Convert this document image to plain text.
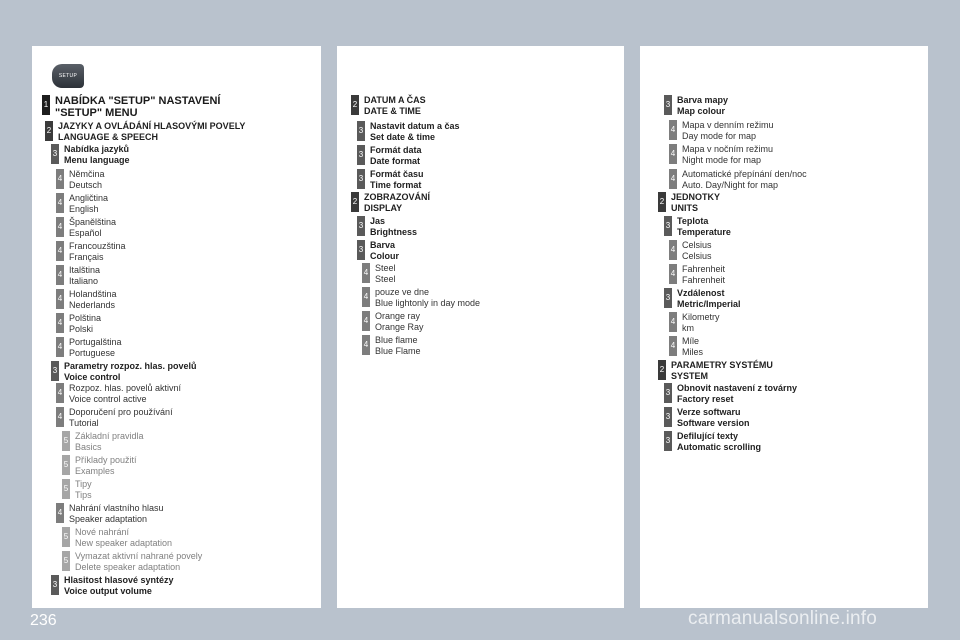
SETUP
1 NABÍDKA "SETUP" NASTAVENÍ
"SETUP" MENU
2 JAZYKY A OVLÁDÁNÍ HLASOVÝMI POVELY
LANGUAGE & SPEECH
3 Nabídka jazyků
Menu language
4 Němčina
Deutsch
4 Angličtina
English
4 Španělština
Español
4 Francouzština
Français
4 Italština
Italiano
4 Holandština
Nederlands
4 Polština
Polski
4 Portugalština
Portuguese
3 Parametry rozpoz. hlas. povelů
Voice control
4 Rozpoz. hlas. povelů aktivní
Voice control active
4 Doporučení pro používání
Tutorial
5 Základní pravidla
Basics
5 Příklady použití
Examples
5 Tipy
Tips
4 Nahrání vlastního hlasu
Speaker adaptation
5 Nové nahrání
New speaker adaptation
5 Vymazat aktivní nahrané povely
Delete speaker adaptation
3 Hlasitost hlasové syntézy
Voice output volume
2 DATUM A ČAS
DATE & TIME
3 Nastavit datum a čas
Set date & time
3 Formát data
Date format
3 Formát času
Time format
2 ZOBRAZOVÁNÍ
DISPLAY
3 Jas
Brightness
3 Barva
Colour
4 Steel
Steel
4 pouze ve dne
Blue lightonly in day mode
4 Orange ray
Orange Ray
4 Blue flame
Blue Flame
3 Barva mapy
Map colour
4 Mapa v denním režimu
Day mode for map
4 Mapa v nočním režimu
Night mode for map
4 Automatické přepínání den/noc
Auto. Day/Night for map
2 JEDNOTKY
UNITS
3 Teplota
Temperature
4 Celsius
Celsius
4 Fahrenheit
Fahrenheit
3 Vzdálenost
Metric/Imperial
4 Kilometry
km
4 Míle
Miles
2 PARAMETRY SYSTÉMU
SYSTEM
3 Obnovit nastavení z továrny
Factory reset
3 Verze softwaru
Software version
3 Defilující texty
Automatic scrolling
236	carmanualsonline.info
